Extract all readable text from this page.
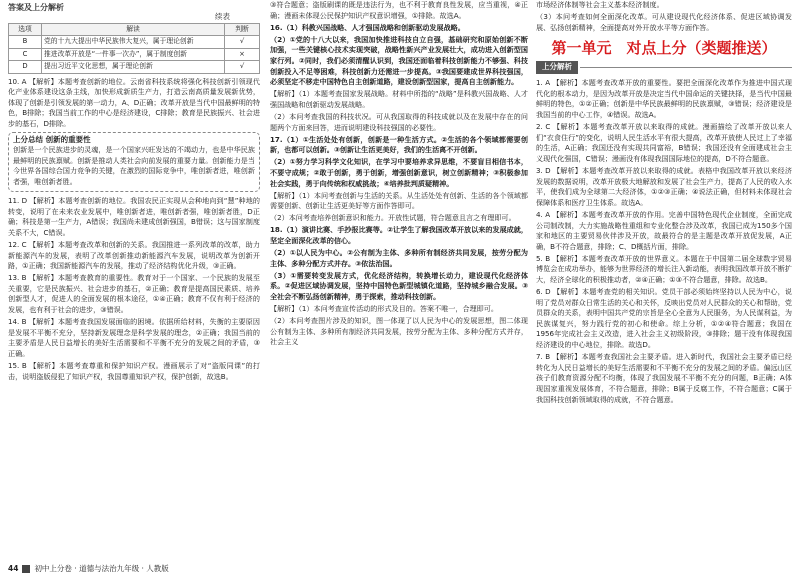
答案及上分解析
续表
选项	解读	判断
B	党的十九大提出中华民族伟大复兴，属于理论创新	√
C	推进改革开放是“一件事一次办”，属于制度创新	×
D	提出习近平文化思想，属于理论创新	√

10. A 【解析】本题考查创新的地位。云南省科技系统将强化科技创新引领现代化产业体系建设这条主线，加快形成新质生产力，打造云南高质量发展新优势，体现了创新是引领发展的第一动力，A、D正确；改革开放是当代中国最鲜明的特色，B排除；我国当前工作的中心是经济建设，C排除；教育是民族振兴、社会进步的基石，D排除。

上分总结 创新的重要性
创新是一个民族进步的灵魂，是一个国家兴旺发达的不竭动力，也是中华民族最鲜明的民族禀赋。创新是推动人类社会向前发展的重要力量。创新能力是当今世界各国综合国力竞争的关键，在激烈的国际竞争中，唯创新者进，唯创新者强，唯创新者胜。

11. D 【解析】本题考查创新的地位。我国农民正实现从会种地向到“慧”种地的转变，说明了在未来农业发展中，唯创新者进，唯创新者强，唯创新者胜，D正确；科技是第一生产力，A错误；我国尚未建成创新强国，B错误；这与国家制度关系不大，C错误。

12. C 【解析】本题考查改革和创新的关系。我国推进一系列改革的改革，助力新能源汽车的发展，表明了改革创新推动新能源汽车发展，说明改革为创新开路，①正确；我国新能源汽车的发展，推动了经济结构优化升级，③正确。

13. B 【解析】本题考查教育的重要性。教育对于一个国家、一个民族的发展至关重要，它是民族振兴、社会进步的基石，②正确；教育是提高国民素质、培养创新型人才，促进人的全面发展的根本途径，①④正确；教育不仅有利于经济的发展，也有利于社会的进步，③错误。

14. B 【解析】本题考查我国发展面临的困境。依据所给材料，失衡的主要原因是发展不平衡不充分，坚持新发展理念是科学发展的理念，②正确；我国当前的主要矛盾是人民日益增长的美好生活需要和不平衡不充分的发展之间的矛盾，③正确。

15. B 【解析】本题考查尊重和保护知识产权。漫画展示了对“盗版同课”的打击，说明盗版侵犯了知识产权，我国尊重知识产权，保护创新，故选B。

③符合题意；盗版刷课的既是违法行为，也不利于教育良性发展，应当重视，④正确；漫画未体现公民保护知识产权意识增强，①排除。故选A。

16.（1）科教兴国战略、人才强国战略和创新驱动发展战略。

（2）①党的十八大以来，我国加快推进科技自立自强，基础研究和原始创新不断加强，一些关键核心技术实现突破，战略性新兴产业发展壮大，成功进入创新型国家行列。②同时，我们必须清醒认识到，我国还面临着科技创新能力不够强、科技创新投入不足等困难，科技创新力还需进一步提高。③我国要建成世界科技强国，必须坚定不移走中国特色自主创新道路，建设创新型国家，提高自主创新能力。

【解析】（1）本题考查国家发展战略。材料中所指的“战略”是科教兴国战略、人才强国战略和创新驱动发展战略。

（2）本问考查我国的科技状况。可从我国取得的科技成就以及在发展中存在的问题两个方面来回答，进而说明建设科技强国的必要性。

17.（1）①生活处处有创新，创新是一种生活方式。②生活的各个领域都需要创新，也都可以创新。③创新让生活更美好，我们的生活离不开创新。

（2）①努力学习科学文化知识，在学习中要培养求异思维，不要盲目相信书本，不要守成规；②敢于创新，勇于创新，增强创新意识，树立创新精神；③积极参加社会实践，勇于向传统和权威挑战；④培养批判质疑精神。

【解析】（1）本问考查创新与生活的关系。从生活处处有创新、生活的各个领域都需要创新、创新让生活更美好等方面作答即可。

（2）本问考查培养创新意识和能力。开放性试题，符合题意且言之有理即可。

18.（1）演讲比赛、手抄报比赛等。②让学生了解我国改革开放以来的发展成就，坚定全面深化改革的信心。

（2）①以人民为中心。②公有制为主体、多种所有制经济共同发展，按劳分配为主体、多种分配方式并存。③依法治国。

（3）①需要转变发展方式，优化经济结构，转换增长动力，建设现代化经济体系。②促进区域协调发展，坚持中国特色新型城镇化道路，坚持城乡融合发展。③全社会不断弘扬创新精神，勇于探索，推动科技创新。

【解析】（1）本问考查宣传活动的形式及目的。答案不唯一，合理即可。

（2）本问考查图片涉及的知识，图一体现了以人民为中心的发展思想，图二体现公有制为主体、多种所有制经济共同发展，按劳分配为主体、多种分配方式并存，社会主义

市场经济体制等社会主义基本经济制度。

（3）本问考查如何全面深化改革。可从建设现代化经济体系、促进区域协调发展、弘扬创新精神，全面提高对外开放水平等方面作答。

第一单元　对点上分（类题推送）
上分解析

1. A 【解析】本题考查改革开放的重要性。要把全面深化改革作为推进中国式现代化的根本动力，是因为改革开放是决定当代中国命运的关键抉择，是当代中国最鲜明的特色，①②正确；创新是中华民族最鲜明的民族禀赋，③错误；经济建设是我国当前的中心工作，④错误。故选A。

2. C 【解析】本题考查改革开放以来取得的成就。漫画描绘了改革开放以来人们“衣食住行”的变化，说明人民生活水平有很大提高，改革开放使人民过上了幸福的生活，A正确；我国还没有实现共同富裕，B错误；我国还没有全面建成社会主义现代化强国，C错误；漫画没有体现我国国际地位的提高，D不符合题意。

3. D 【解析】本题考查改革开放以来取得的成就。表格中我国改革开放以来经济发展的数据说明，改革开放极大地解放和发展了社会生产力，提高了人民的收入水平，使我们成为全球第二大经济体，①②③正确；④说法正确，但材料未体现社会保障体系和医疗卫生体系。故选A。

4. A 【解析】本题考查改革开放的作用。完善中国特色现代企业制度，全面完成公司制改制，大力实施战略性重组和专业化整合涉及改革，我国已成为150多个国家和地区的主要贸易伙伴涉及开放，故最符合的是主题是改革开放促发展，A正确，B不符合题意，排除；C、D概括片面，排除。

5. B 【解析】本题考查改革开放的世界意义。本题在于中国第二届全球数字贸易博览会在成功举办，能够为世界经济的增长注入新动能，表明我国改革开放不断扩大，经济全球化的积极推动者，②④正确；①③不符合题意，排除。故选B。

6. D 【解析】本题考查党的相关知识。党员干部必须始终坚持以人民为中心，说明了党员对群众日常生活的关心和关怀，反映出党员对人民群众的关心和帮助，党员群众的关系，表明中国共产党的宗旨是全心全意为人民服务，为人民谋利益，为民族谋复兴，努力践行党的初心和使命。综上分析，①②④符合题意；我国在1956年完成社会主义改造，进入社会主义初级阶段，③排除；题干没有体现我国经济建设的中心地位，排除。故选D。

7. B 【解析】本题考查我国社会主要矛盾。进入新时代，我国社会主要矛盾已经转化为人民日益增长的美好生活需要和不平衡不充分的发展之间的矛盾。偏远山区孩子们教育资源分配不均衡，体现了我国发展不平衡不充分的问题，B正确；A体现国家重视发展体育，不符合题意，排除；B属于反腐工作，不符合题意；C属于我国科技创新领域取得的成就，不符合题意。

44 初中上分卷 · 道德与法治九年级 · 人教版
